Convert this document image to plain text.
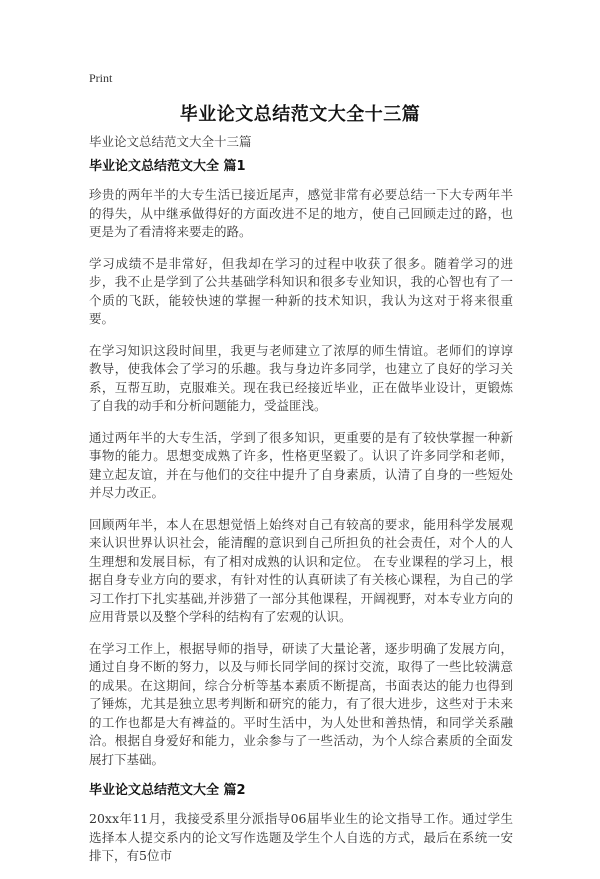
Print
毕业论文总结范文大全十三篇
毕业论文总结范文大全十三篇
毕业论文总结范文大全 篇1

珍贵的两年半的大专生活已接近尾声，感觉非常有必要总结一下大专两年半的得失，从中继承做得好的方面改进不足的地方，使自己回顾走过的路，也更是为了看清将来要走的路。

学习成绩不是非常好，但我却在学习的过程中收获了很多。随着学习的进步，我不止是学到了公共基础学科知识和很多专业知识，我的心智也有了一个质的飞跃，能较快速的掌握一种新的技术知识，我认为这对于将来很重要。

在学习知识这段时间里，我更与老师建立了浓厚的师生情谊。老师们的谆谆教导，使我体会了学习的乐趣。我与身边许多同学，也建立了良好的学习关系，互帮互助，克服难关。现在我已经接近毕业，正在做毕业设计，更锻炼了自我的动手和分析问题能力，受益匪浅。

通过两年半的大专生活，学到了很多知识，更重要的是有了较快掌握一种新事物的能力。思想变成熟了许多，性格更坚毅了。认识了许多同学和老师，建立起友谊，并在与他们的交往中提升了自身素质，认清了自身的一些短处并尽力改正。

回顾两年半，本人在思想觉悟上始终对自己有较高的要求，能用科学发展观来认识世界认识社会，能清醒的意识到自己所担负的社会责任，对个人的人生理想和发展目标，有了相对成熟的认识和定位。 在专业课程的学习上，根据自身专业方向的要求，有针对性的认真研读了有关核心课程，为自己的学习工作打下扎实基础,并涉猎了一部分其他课程，开阔视野，对本专业方向的应用背景以及整个学科的结构有了宏观的认识。

在学习工作上，根据导师的指导，研读了大量论著，逐步明确了发展方向，通过自身不断的努力，以及与师长同学间的探讨交流，取得了一些比较满意的成果。在这期间，综合分析等基本素质不断提高，书面表达的能力也得到了锤炼，尤其是独立思考判断和研究的能力，有了很大进步，这些对于未来的工作也都是大有裨益的。平时生活中，为人处世和善热情，和同学关系融洽。根据自身爱好和能力，业余参与了一些活动，为个人综合素质的全面发展打下基础。

毕业论文总结范文大全 篇2

20xx年11月，我接受系里分派指导06届毕业生的论文指导工作。通过学生选择本人提交系内的论文写作选题及学生个人自选的方式，最后在系统一安排下，有5位市
